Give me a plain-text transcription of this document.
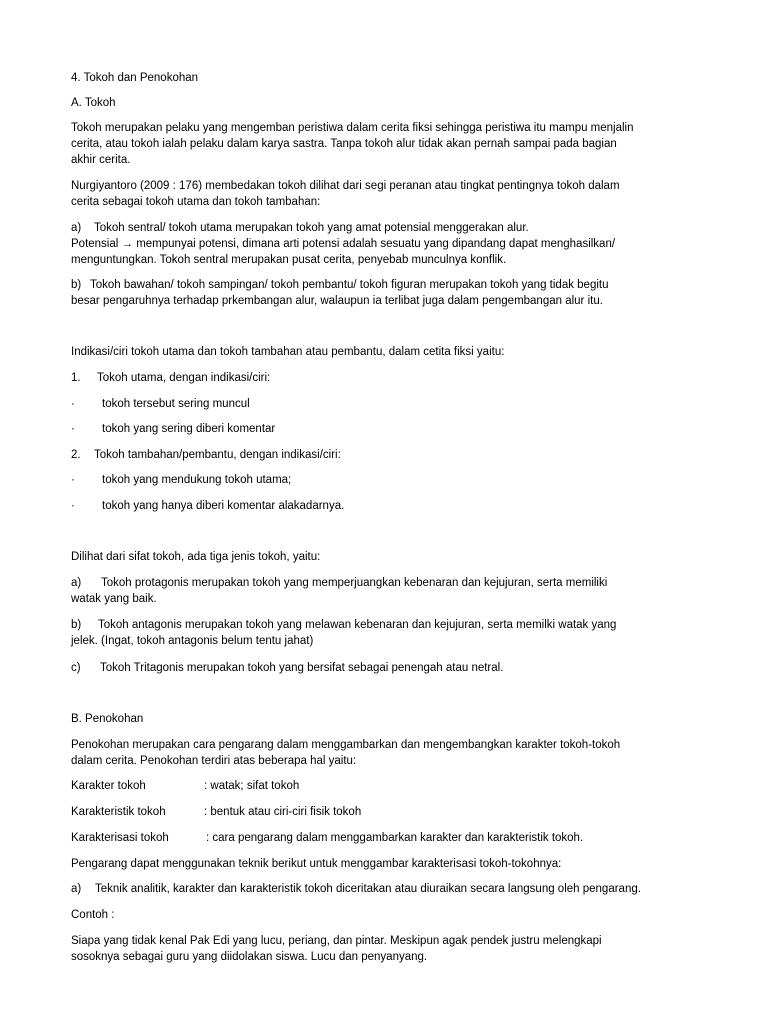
4. Tokoh dan Penokohan

A. Tokoh

Tokoh merupakan pelaku yang mengemban peristiwa dalam cerita fiksi sehingga peristiwa itu mampu menjalin
cerita, atau tokoh ialah pelaku dalam karya sastra. Tanpa tokoh alur tidak akan pernah sampai pada bagian
akhir cerita.

Nurgiyantoro (2009 : 176) membedakan tokoh dilihat dari segi peranan atau tingkat pentingnya tokoh dalam
cerita sebagai tokoh utama dan tokoh tambahan:

a) Tokoh sentral/ tokoh utama merupakan tokoh yang amat potensial menggerakan alur.
Potensial → mempunyai potensi, dimana arti potensi adalah sesuatu yang dipandang dapat menghasilkan/
menguntungkan. Tokoh sentral merupakan pusat cerita, penyebab munculnya konflik.

b) Tokoh bawahan/ tokoh sampingan/ tokoh pembantu/ tokoh figuran merupakan tokoh yang tidak begitu
besar pengaruhnya terhadap prkembangan alur, walaupun ia terlibat juga dalam pengembangan alur itu.

Indikasi/ciri tokoh utama dan tokoh tambahan atau pembantu, dalam cetita fiksi yaitu:

1. Tokoh utama, dengan indikasi/ciri:

· tokoh tersebut sering muncul

· tokoh yang sering diberi komentar

2. Tokoh tambahan/pembantu, dengan indikasi/ciri:

· tokoh yang mendukung tokoh utama;

· tokoh yang hanya diberi komentar alakadarnya.

Dilihat dari sifat tokoh, ada tiga jenis tokoh, yaitu:

a) Tokoh protagonis merupakan tokoh yang memperjuangkan kebenaran dan kejujuran, serta memiliki
watak yang baik.

b) Tokoh antagonis merupakan tokoh yang melawan kebenaran dan kejujuran, serta memilki watak yang
jelek. (Ingat, tokoh antagonis belum tentu jahat)

c) Tokoh Tritagonis merupakan tokoh yang bersifat sebagai penengah atau netral.

B. Penokohan

Penokohan merupakan cara pengarang dalam menggambarkan dan mengembangkan karakter tokoh-tokoh
dalam cerita. Penokohan terdiri atas beberapa hal yaitu:

Karakter tokoh	: watak; sifat tokoh

Karakteristik tokoh	: bentuk atau ciri-ciri fisik tokoh

Karakterisasi tokoh	: cara pengarang dalam menggambarkan karakter dan karakteristik tokoh.

Pengarang dapat menggunakan teknik berikut untuk menggambar karakterisasi tokoh-tokohnya:

a) Teknik analitik, karakter dan karakteristik tokoh diceritakan atau diuraikan secara langsung oleh pengarang.

Contoh :

Siapa yang tidak kenal Pak Edi yang lucu, periang, dan pintar. Meskipun agak pendek justru melengkapi
sosoknya sebagai guru yang diidolakan siswa. Lucu dan penyanyang.
